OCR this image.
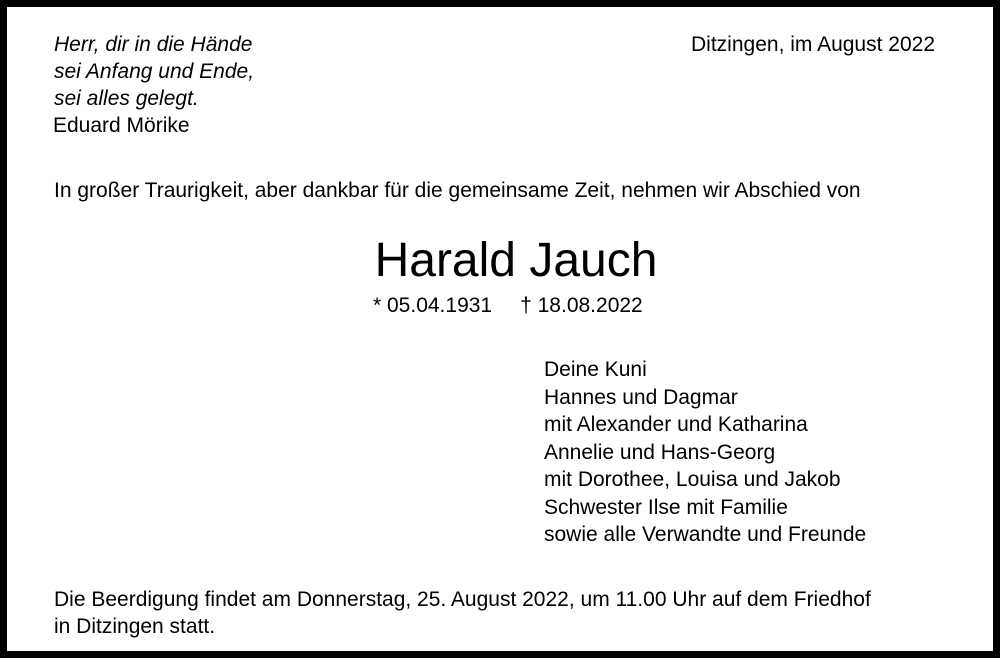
Herr, dir in die Hände
sei Anfang und Ende,
sei alles gelegt.
Eduard Mörike
Ditzingen, im August 2022
In großer Traurigkeit, aber dankbar für die gemeinsame Zeit, nehmen wir Abschied von
Harald Jauch
* 05.04.1931 † 18.08.2022
Deine Kuni
Hannes und Dagmar
mit Alexander und Katharina
Annelie und Hans-Georg
mit Dorothee, Louisa und Jakob
Schwester Ilse mit Familie
sowie alle Verwandte und Freunde
Die Beerdigung findet am Donnerstag, 25. August 2022, um 11.00 Uhr auf dem Friedhof
in Ditzingen statt.
